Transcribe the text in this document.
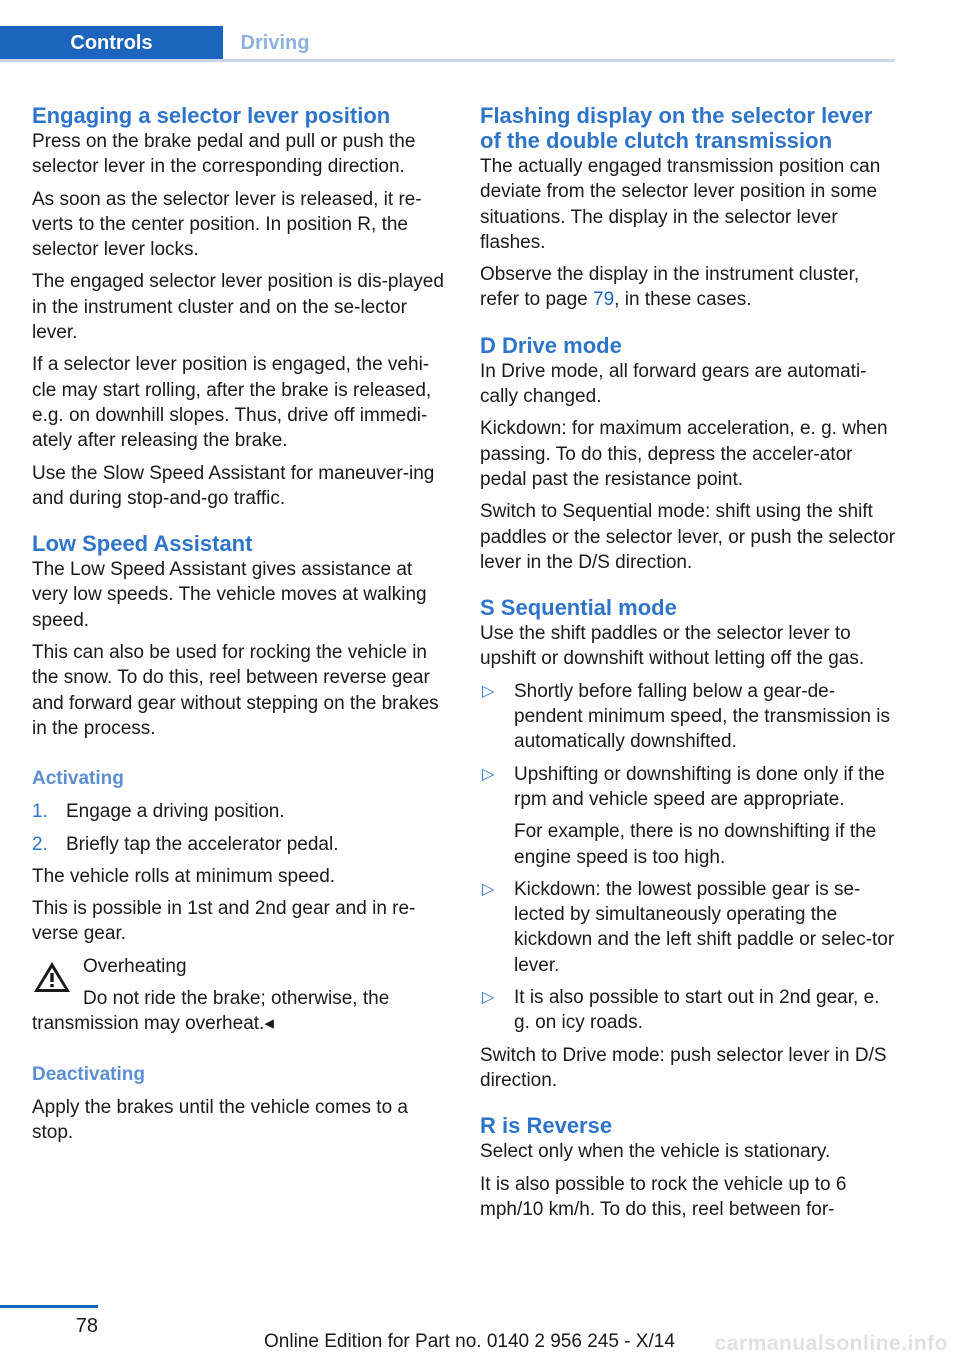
Controls	Driving
Engaging a selector lever position

Press on the brake pedal and pull or push the selector lever in the corresponding direction.

As soon as the selector lever is released, it re-verts to the center position. In position R, the selector lever locks.

The engaged selector lever position is dis-played in the instrument cluster and on the se-lector lever.

If a selector lever position is engaged, the vehi-cle may start rolling, after the brake is released, e.g. on downhill slopes. Thus, drive off immedi-ately after releasing the brake.

Use the Slow Speed Assistant for maneuver-ing and during stop-and-go traffic.

Low Speed Assistant

The Low Speed Assistant gives assistance at very low speeds. The vehicle moves at walking speed.

This can also be used for rocking the vehicle in the snow. To do this, reel between reverse gear and forward gear without stepping on the brakes in the process.

Activating
1. Engage a driving position.
2. Briefly tap the accelerator pedal.

The vehicle rolls at minimum speed.

This is possible in 1st and 2nd gear and in re-verse gear.

Overheating
Do not ride the brake; otherwise, the
transmission may overheat.◂
Deactivating

Apply the brakes until the vehicle comes to a stop.

Flashing display on the selector lever of the double clutch transmission

The actually engaged transmission position can deviate from the selector lever position in some situations. The display in the selector lever flashes.

Observe the display in the instrument cluster, refer to page 79, in these cases.

D Drive mode

In Drive mode, all forward gears are automati-cally changed.

Kickdown: for maximum acceleration, e. g. when passing. To do this, depress the acceler-ator pedal past the resistance point.

Switch to Sequential mode: shift using the shift paddles or the selector lever, or push the selector lever in the D/S direction.

S Sequential mode

Use the shift paddles or the selector lever to upshift or downshift without letting off the gas.

▷ Shortly before falling below a gear-de-pendent minimum speed, the transmission is automatically downshifted.

▷ Upshifting or downshifting is done only if the rpm and vehicle speed are appropriate.

For example, there is no downshifting if the engine speed is too high.

▷ Kickdown: the lowest possible gear is se-lected by simultaneously operating the kickdown and the left shift paddle or selec-tor lever.

▷ It is also possible to start out in 2nd gear, e. g. on icy roads.

Switch to Drive mode: push selector lever in D/S direction.

R is Reverse

Select only when the vehicle is stationary.

It is also possible to rock the vehicle up to 6 mph/10 km/h. To do this, reel between for-

78
Online Edition for Part no. 0140 2 956 245 - X/14 carmanualsonline.info
